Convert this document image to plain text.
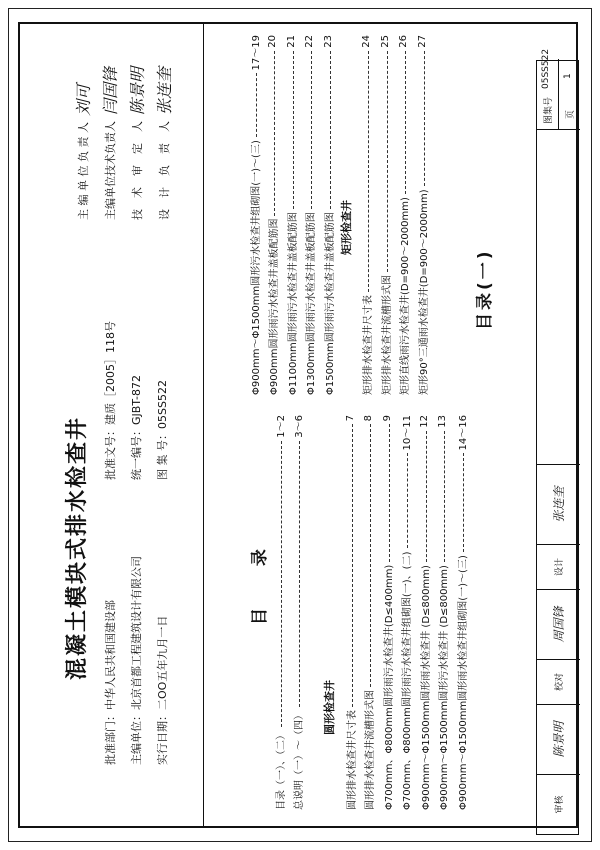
混凝土模块式排水检查井
批准部门：中华人民共和国建设部
批准文号：建质［2005］118号
主编单位：北京首都工程建筑设计有限公司
统一编号：GJBT-872
实行日期：二OO五年九月一日
图 集 号：05SS522
目 录
目录（一）、（二）
1～2
总说明（一）～（四）
3～6
圆形检查井
圆形排水检查井尺寸表
7
圆形排水检查井流槽形式图
8
Φ700mm、Φ800mm圆形雨污水检查井(D≤400mm)
9
Φ700mm、Φ800mm圆形雨污水检查井组砌图(一)、(二)
10～11
Φ900mm～Φ1500mm圆形雨水检查井 (D≤800mm)
12
Φ900mm～Φ1500mm圆形污水检查井 (D≤800mm)
13
Φ900mm～Φ1500mm圆形雨水检查井组砌图(一)～(三)
14～16
Φ900mm～Φ1500mm圆形污水检查井组砌图(一)～(三)
17～19
Φ900mm圆形雨污水检查井盖板配筋图
20
Φ1100mm圆形雨污水检查井盖板配筋图
21
Φ1300mm圆形雨污水检查井盖板配筋图
22
Φ1500mm圆形雨污水检查井盖板配筋图
23
矩形检查井
矩形排水检查井尺寸表
24
矩形排水检查井流槽形式图
25
矩形直线雨污水检查井(D=900～2000mm)
26
矩形90°三通雨水检查井(D=900～2000mm)
27
主 编 单 位 负 责 人
刘可
主编单位技术负责人
闫国锋
技　术　审　定　人
陈景明
设　计　负　责　人
张连奎
目录(一)
审核
陈景明
校对
周国锋
设计
张连奎
图集号
05SS522
页
1
